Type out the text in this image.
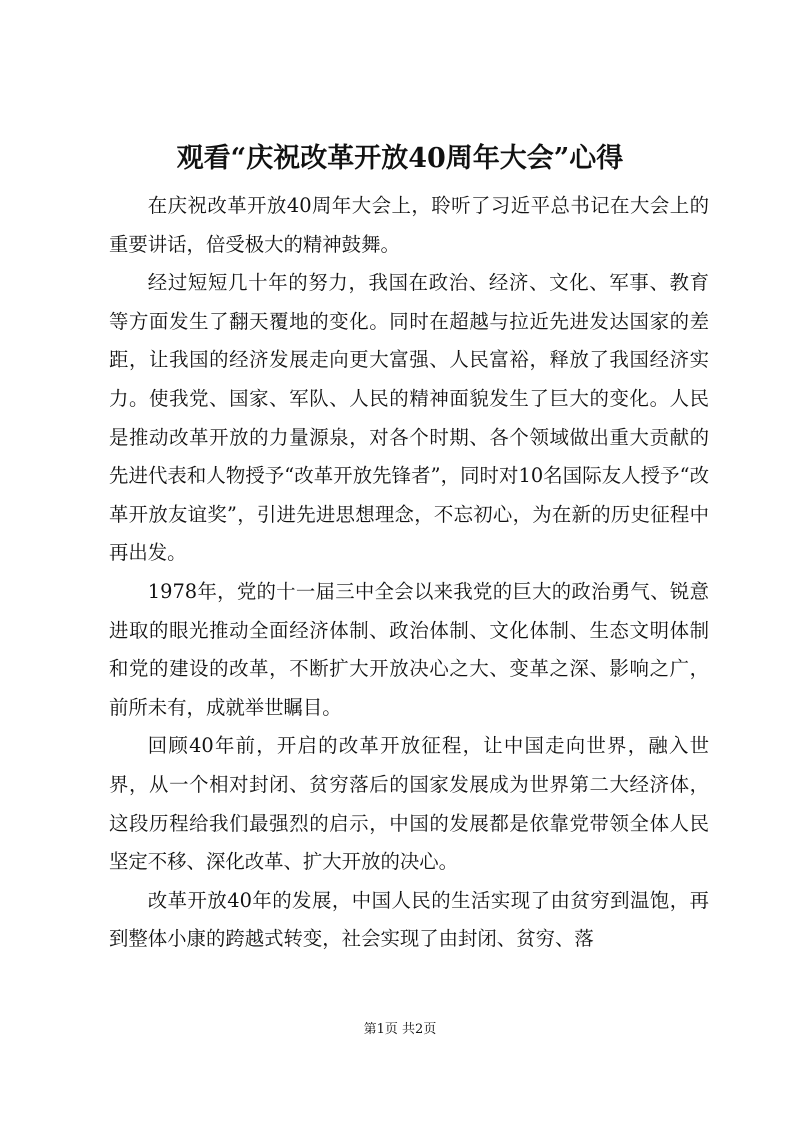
观看“庆祝改革开放40周年大会”心得

在庆祝改革开放40周年大会上，聆听了习近平总书记在大会上的重要讲话，倍受极大的精神鼓舞。

经过短短几十年的努力，我国在政治、经济、文化、军事、教育等方面发生了翻天覆地的变化。同时在超越与拉近先进发达国家的差距，让我国的经济发展走向更大富强、人民富裕，释放了我国经济实力。使我党、国家、军队、人民的精神面貌发生了巨大的变化。人民是推动改革开放的力量源泉，对各个时期、各个领域做出重大贡献的先进代表和人物授予“改革开放先锋者”，同时对10名国际友人授予“改革开放友谊奖”，引进先进思想理念，不忘初心，为在新的历史征程中再出发。

1978年，党的十一届三中全会以来我党的巨大的政治勇气、锐意进取的眼光推动全面经济体制、政治体制、文化体制、生态文明体制和党的建设的改革，不断扩大开放决心之大、变革之深、影响之广，前所未有，成就举世瞩目。

回顾40年前，开启的改革开放征程，让中国走向世界，融入世界，从一个相对封闭、贫穷落后的国家发展成为世界第二大经济体，这段历程给我们最强烈的启示，中国的发展都是依靠党带领全体人民坚定不移、深化改革、扩大开放的决心。

改革开放40年的发展，中国人民的生活实现了由贫穷到温饱，再到整体小康的跨越式转变，社会实现了由封闭、贫穷、落

第1页 共2页
